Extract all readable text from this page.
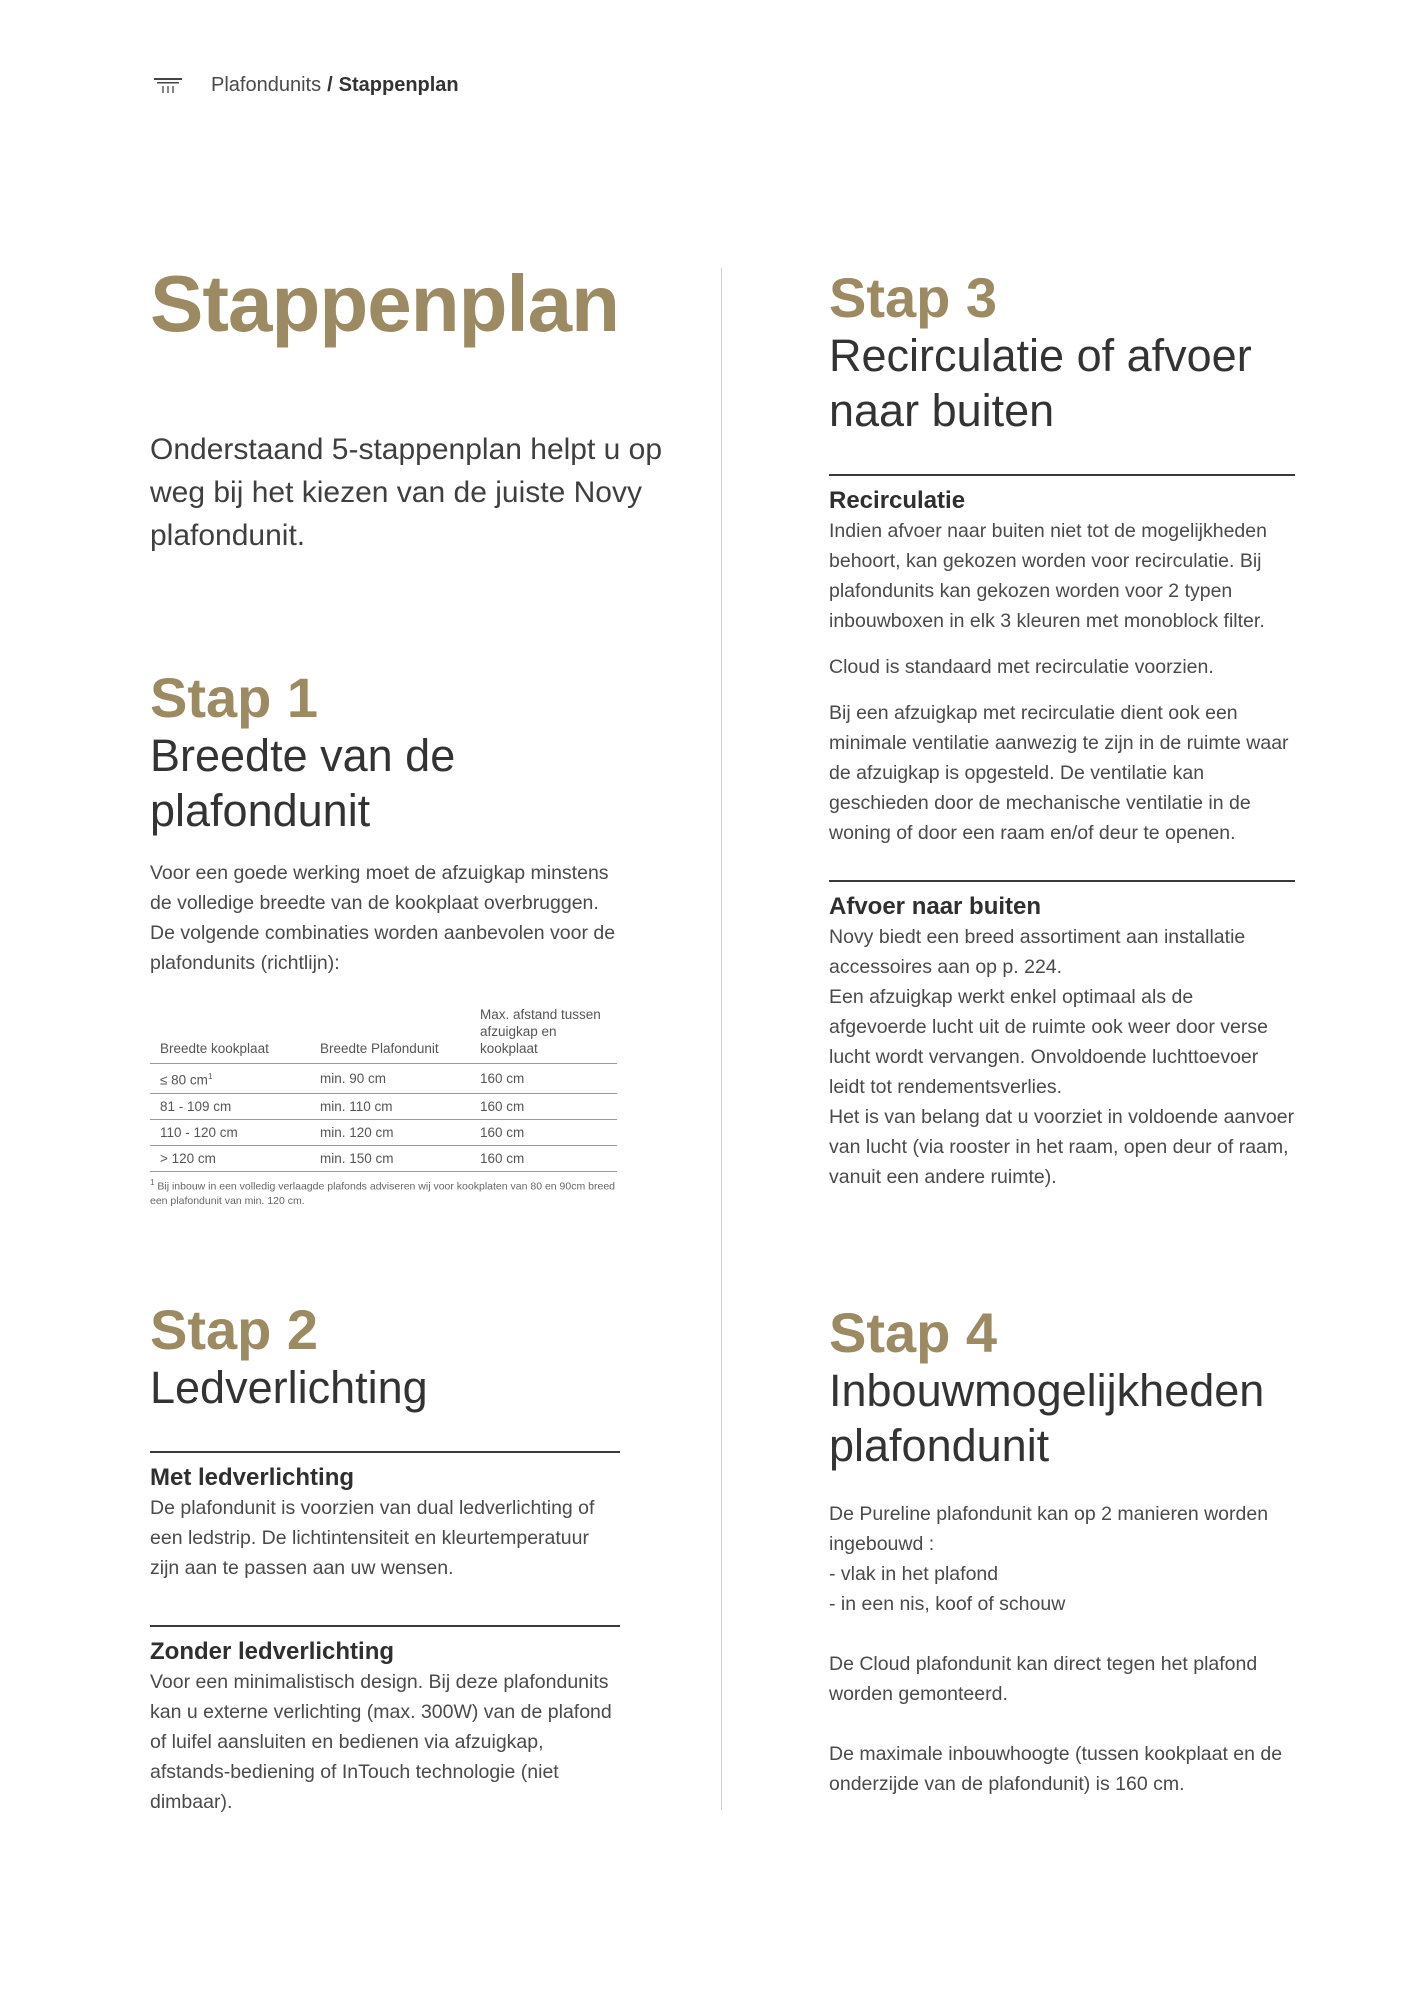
Plafondunits / Stappenplan
Stappenplan

Onderstaand 5-stappenplan helpt u op weg bij het kiezen van de juiste Novy plafondunit.

Stap 1
Breedte van de plafondunit

Voor een goede werking moet de afzuigkap minstens de volledige breedte van de kookplaat overbruggen. De volgende combinaties worden aanbevolen voor de plafondunits (richtlijn):

Breedte kookplaat	Breedte Plafondunit	Max. afstand tussen afzuigkap en kookplaat
≤ 80 $cm^1$	min. 90 cm	160 cm
81 - 109 cm	min. 110 cm	160 cm
110 - 120 cm	min. 120 cm	160 cm
> 120 cm	min. 150 cm	160 cm
$^1$ Bij inbouw in een volledig verlaagde plafonds adviseren wij voor kookplaten van 80 en 90cm breed een plafondunit van min. 120 cm.
Stap 2
Ledverlichting
Met ledverlichting

De plafondunit is voorzien van dual ledverlichting of een ledstrip. De lichtintensiteit en kleurtemperatuur zijn aan te passen aan uw wensen.

Zonder ledverlichting

Voor een minimalistisch design. Bij deze plafondunits kan u externe verlichting (max. 300W) van de plafond of luifel aansluiten en bedienen via afzuigkap, afstands-bediening of InTouch technologie (niet dimbaar).

Stap 3
Recirculatie of afvoer naar buiten
Recirculatie

Indien afvoer naar buiten niet tot de mogelijkheden behoort, kan gekozen worden voor recirculatie. Bij plafondunits kan gekozen worden voor 2 typen inbouwboxen in elk 3 kleuren met monoblock filter.

Cloud is standaard met recirculatie voorzien.

Bij een afzuigkap met recirculatie dient ook een minimale ventilatie aanwezig te zijn in de ruimte waar de afzuigkap is opgesteld. De ventilatie kan geschieden door de mechanische ventilatie in de woning of door een raam en/of deur te openen.

Afvoer naar buiten

Novy biedt een breed assortiment aan installatie accessoires aan op p. 224.

Een afzuigkap werkt enkel optimaal als de afgevoerde lucht uit de ruimte ook weer door verse lucht wordt vervangen. Onvoldoende luchttoevoer leidt tot rendementsverlies.

Het is van belang dat u voorziet in voldoende aanvoer van lucht (via rooster in het raam, open deur of raam, vanuit een andere ruimte).

Stap 4
Inbouwmogelijkheden plafondunit

De Pureline plafondunit kan op 2 manieren worden ingebouwd :

- vlak in het plafond

- in een nis, koof of schouw

De Cloud plafondunit kan direct tegen het plafond worden gemonteerd.

De maximale inbouwhoogte (tussen kookplaat en de onderzijde van de plafondunit) is 160 cm.
